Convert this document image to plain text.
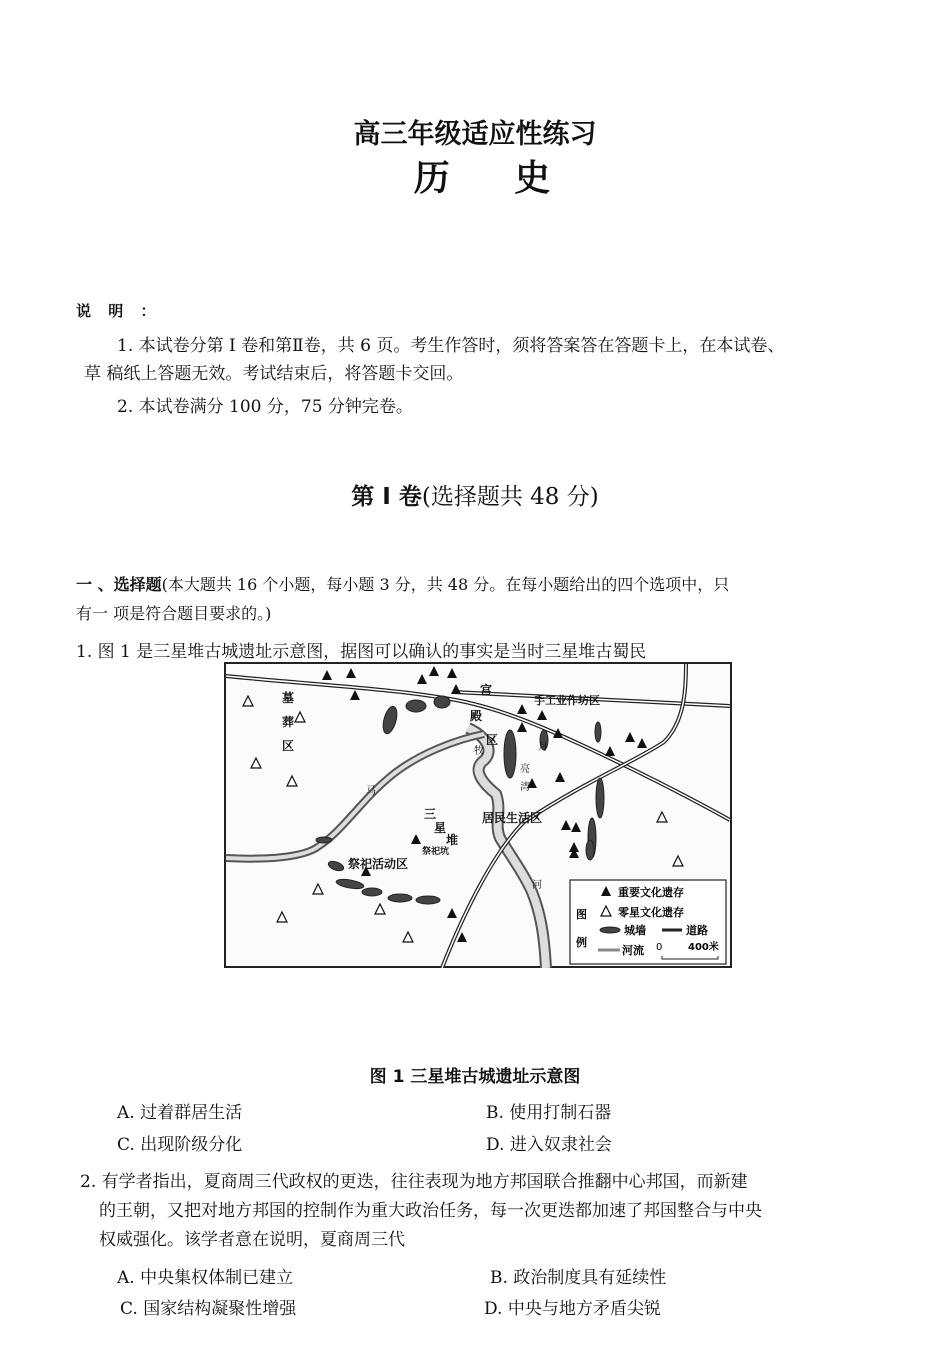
高三年级适应性练习
历 史
说 明 ：
1. 本试卷分第 Ⅰ 卷和第Ⅱ卷，共 6 页。考生作答时，须将答案答在答题卡上，在本试卷、
草 稿纸上答题无效。考试结束后，将答题卡交回。
2. 本试卷满分 100 分，75 分钟完卷。
第 Ⅰ 卷(选择题共 48 分)
一 、选择题(本大题共 16 个小题，每小题 3 分，共 48 分。在每小题给出的四个选项中，只
有一 项是符合题目要求的。)
1. 图 1 是三星堆古城遗址示意图，据图可以确认的事实是当时三星堆古蜀民
墓
葬
区
宫
殿
区
手工业作坊区
月
亮
湾
马
牧
河
三
星
堆
祭祀坑
祭祀活动区
居民生活区
图
例
重要文化遗存
零星文化遗存
城墙	道路
河流 0	400米
图 1 三星堆古城遗址示意图
A. 过着群居生活	B. 使用打制石器
C. 出现阶级分化	D. 进入奴隶社会
2. 有学者指出，夏商周三代政权的更迭，往往表现为地方邦国联合推翻中心邦国，而新建
的王朝，又把对地方邦国的控制作为重大政治任务，每一次更迭都加速了邦国整合与中央
权威强化。该学者意在说明，夏商周三代
A. 中央集权体制已建立	B. 政治制度具有延续性
C. 国家结构凝聚性增强	D. 中央与地方矛盾尖锐
